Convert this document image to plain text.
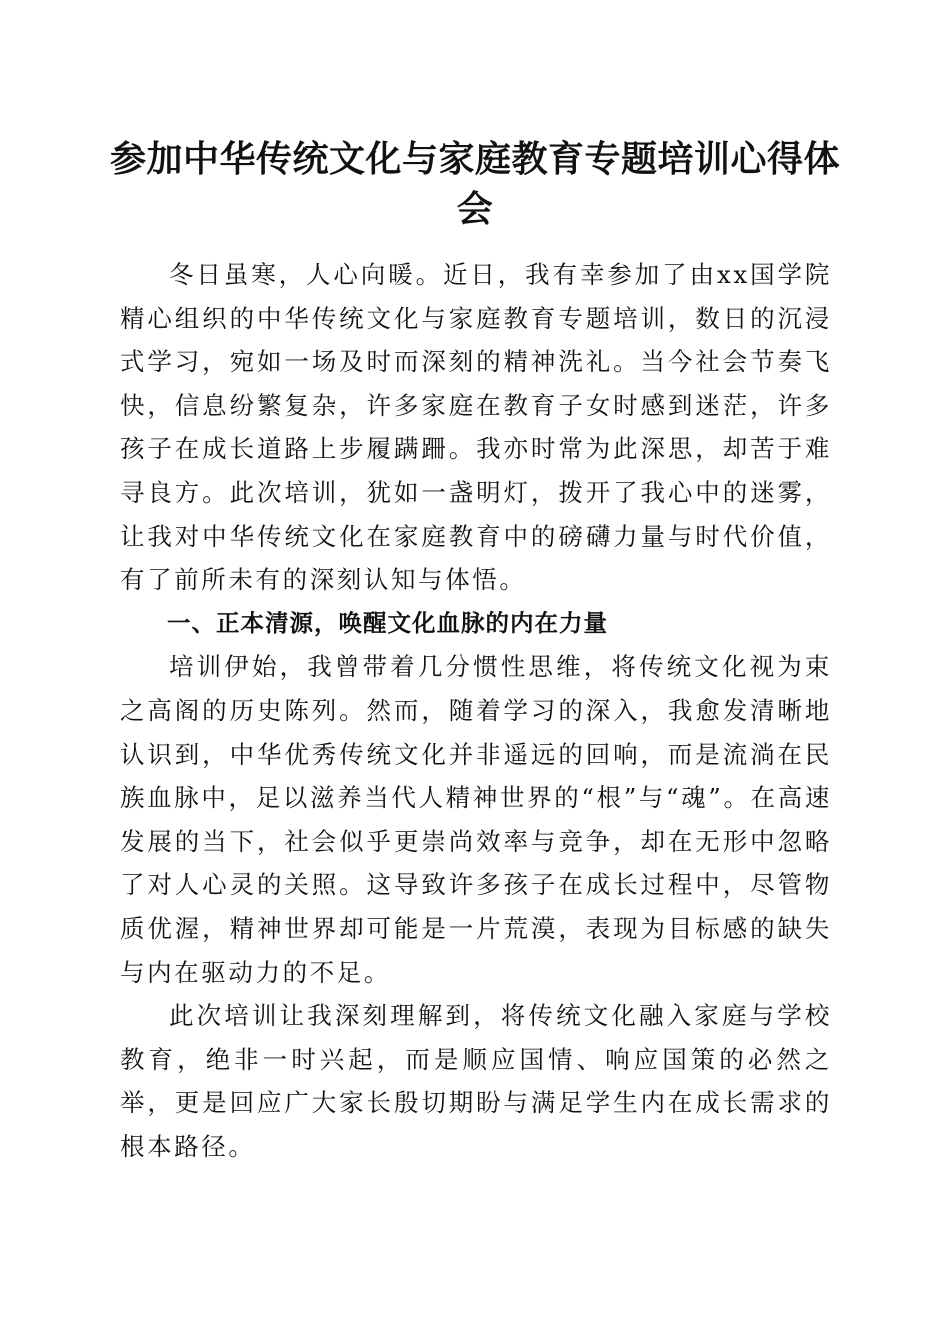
参加中华传统文化与家庭教育专题培训心得体会

冬日虽寒，人心向暖。近日，我有幸参加了由xx国学院精心组织的中华传统文化与家庭教育专题培训，数日的沉浸式学习，宛如一场及时而深刻的精神洗礼。当今社会节奏飞快，信息纷繁复杂，许多家庭在教育子女时感到迷茫，许多孩子在成长道路上步履蹒跚。我亦时常为此深思，却苦于难寻良方。此次培训，犹如一盏明灯，拨开了我心中的迷雾，让我对中华传统文化在家庭教育中的磅礴力量与时代价值，有了前所未有的深刻认知与体悟。

一、正本清源，唤醒文化血脉的内在力量

培训伊始，我曾带着几分惯性思维，将传统文化视为束之高阁的历史陈列。然而，随着学习的深入，我愈发清晰地认识到，中华优秀传统文化并非遥远的回响，而是流淌在民族血脉中，足以滋养当代人精神世界的“根”与“魂”。在高速发展的当下，社会似乎更崇尚效率与竞争，却在无形中忽略了对人心灵的关照。这导致许多孩子在成长过程中，尽管物质优渥，精神世界却可能是一片荒漠，表现为目标感的缺失与内在驱动力的不足。

此次培训让我深刻理解到，将传统文化融入家庭与学校教育，绝非一时兴起，而是顺应国情、响应国策的必然之举，更是回应广大家长殷切期盼与满足学生内在成长需求的根本路径。
